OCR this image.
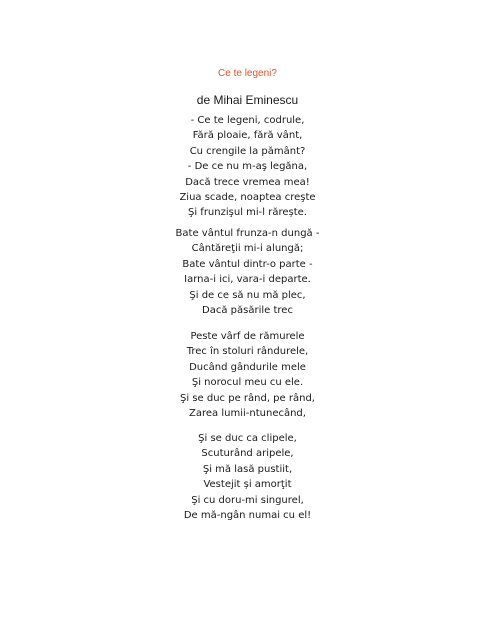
Ce te legeni?
de Mihai Eminescu
- Ce te legeni, codrule,
Fără ploaie, fără vânt,
Cu crengile la pământ?
- De ce nu m-aş legăna,
Dacă trece vremea mea!
Ziua scade, noaptea creşte
Şi frunzişul mi-l rărește.
Bate vântul frunza-n dungă -
Cântăreţii mi-i alungă;
Bate vântul dintr-o parte -
Iarna-i ici, vara-i departe.
Şi de ce să nu mă plec,
Dacă păsările trec
Peste vârf de rămurele
Trec în stoluri rândurele,
Ducând gândurile mele
Şi norocul meu cu ele.
Şi se duc pe rând, pe rând,
Zarea lumii-ntunecând,
Şi se duc ca clipele,
Scuturând aripele,
Şi mă lasă pustiit,
Vestejit și amorţit
Şi cu doru-mi singurel,
De mă-ngân numai cu el!
